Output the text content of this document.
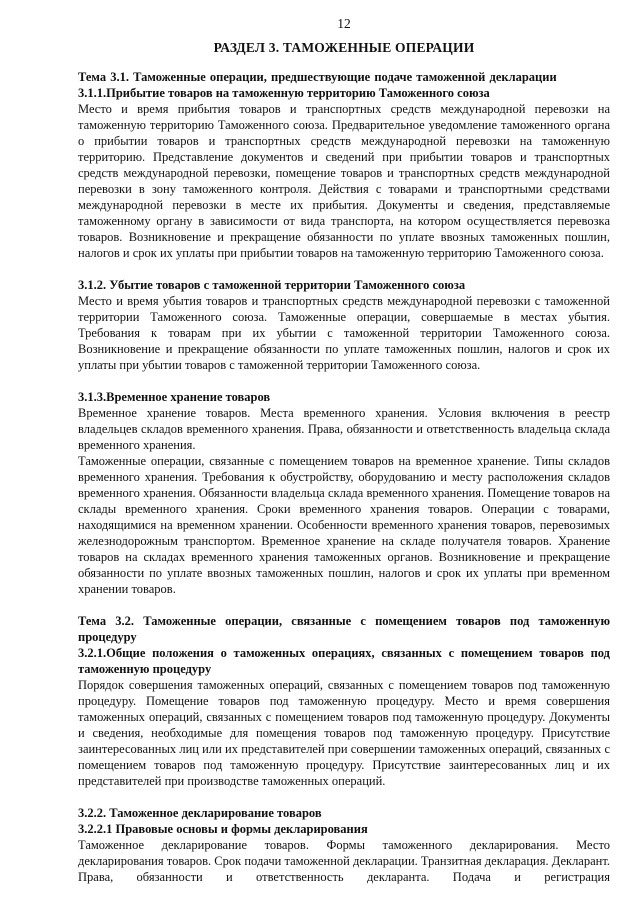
12
РАЗДЕЛ 3. ТАМОЖЕННЫЕ ОПЕРАЦИИ
Тема 3.1. Таможенные операции, предшествующие подаче таможенной декларации
3.1.1.Прибытие товаров на таможенную территорию Таможенного союза

Место и время прибытия товаров и транспортных средств международной перевозки на таможенную территорию Таможенного союза. Предварительное уведомление таможенного органа о прибытии товаров и транспортных средств международной перевозки на таможенную территорию. Представление документов и сведений при прибытии товаров и транспортных средств международной перевозки, помещение товаров и транспортных средств международной перевозки в зону таможенного контроля. Действия с товарами и транспортными средствами международной перевозки в месте их прибытия. Документы и сведения, представляемые таможенному органу в зависимости от вида транспорта, на котором осуществляется перевозка товаров. Возникновение и прекращение обязанности по уплате ввозных таможенных пошлин, налогов и срок их уплаты при прибытии товаров на таможенную территорию Таможенного союза.

3.1.2. Убытие товаров с таможенной территории Таможенного союза

Место и время убытия товаров и транспортных средств международной перевозки с таможенной территории Таможенного союза. Таможенные операции, совершаемые в местах убытия. Требования к товарам при их убытии с таможенной территории Таможенного союза. Возникновение и прекращение обязанности по уплате таможенных пошлин, налогов и срок их уплаты при убытии товаров с таможенной территории Таможенного союза.

3.1.3.Временное хранение товаров

Временное хранение товаров. Места временного хранения. Условия включения в реестр владельцев складов временного хранения. Права, обязанности и ответственность владельца склада временного хранения.

Таможенные операции, связанные с помещением товаров на временное хранение. Типы складов временного хранения. Требования к обустройству, оборудованию и месту расположения складов временного хранения. Обязанности владельца склада временного хранения. Помещение товаров на склады временного хранения. Сроки временного хранения товаров. Операции с товарами, находящимися на временном хранении. Особенности временного хранения товаров, перевозимых железнодорожным транспортом. Временное хранение на складе получателя товаров. Хранение товаров на складах временного хранения таможенных органов. Возникновение и прекращение обязанности по уплате ввозных таможенных пошлин, налогов и срок их уплаты при временном хранении товаров.

Тема 3.2. Таможенные операции, связанные с помещением товаров под таможенную процедуру
3.2.1.Общие положения о таможенных операциях, связанных с помещением товаров под таможенную процедуру

Порядок совершения таможенных операций, связанных с помещением товаров под таможенную процедуру. Помещение товаров под таможенную процедуру. Место и время совершения таможенных операций, связанных с помещением товаров под таможенную процедуру. Документы и сведения, необходимые для помещения товаров под таможенную процедуру. Присутствие заинтересованных лиц или их представителей при совершении таможенных операций, связанных с помещением товаров под таможенную процедуру. Присутствие заинтересованных лиц и их представителей при производстве таможенных операций.

3.2.2. Таможенное декларирование товаров
3.2.2.1 Правовые основы и формы декларирования

Таможенное декларирование товаров. Формы таможенного декларирования. Место декларирования товаров. Срок подачи таможенной декларации. Транзитная декларация. Декларант. Права, обязанности и ответственность декларанта. Подача и регистрация
